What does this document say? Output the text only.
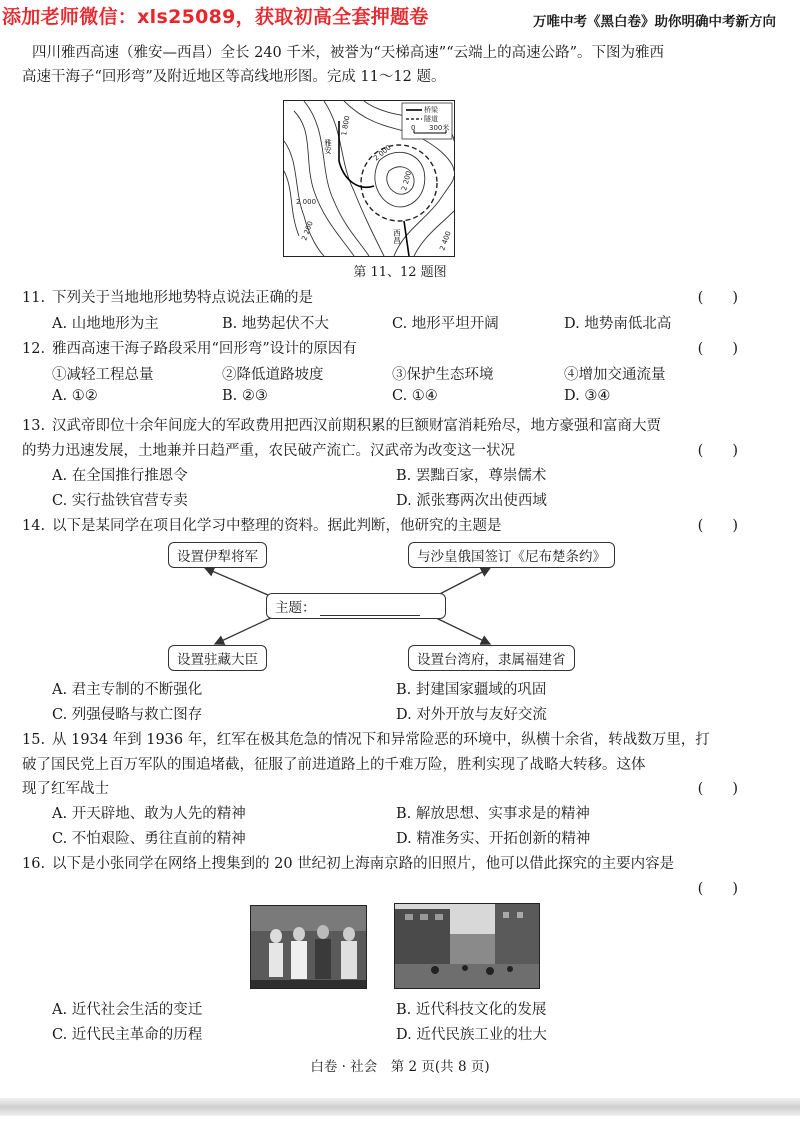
添加老师微信：xls25089，获取初高全套押题卷	万唯中考《黑白卷》助你明确中考新方向
四川雅西高速（雅安—西昌）全长 240 千米，被誉为“天梯高速”“云端上的高速公路”。下图为雅西
高速干海子“回形弯”及附近地区等高线地形图。完成 11～12 题。
桥梁
隧道
0 300米
1 800
2 000
2 200
2 000
2 200	2 400
雅安
西昌
第 11、12 题图
11. 下列关于当地地形地势特点说法正确的是	(　　)
A. 山地地形为主	B. 地势起伏不大	C. 地形平坦开阔	D. 地势南低北高
12. 雅西高速干海子路段采用“回形弯”设计的原因有	(　　)
①减轻工程总量	②降低道路坡度	③保护生态环境	④增加交通流量
A. ①②	B. ②③	C. ①④	D. ③④
13. 汉武帝即位十余年间庞大的军政费用把西汉前期积累的巨额财富消耗殆尽，地方豪强和富商大贾
的势力迅速发展，土地兼并日趋严重，农民破产流亡。汉武帝为改变这一状况	(　　)
A. 在全国推行推恩令	B. 罢黜百家，尊崇儒术
C. 实行盐铁官营专卖	D. 派张骞两次出使西域
14. 以下是某同学在项目化学习中整理的资料。据此判断，他研究的主题是	(　　)
设置伊犁将军	与沙皇俄国签订《尼布楚条约》
主题：
设置驻藏大臣	设置台湾府，隶属福建省
A. 君主专制的不断强化	B. 封建国家疆域的巩固
C. 列强侵略与救亡图存	D. 对外开放与友好交流
15. 从 1934 年到 1936 年，红军在极其危急的情况下和异常险恶的环境中，纵横十余省，转战数万里，打
破了国民党上百万军队的围追堵截，征服了前进道路上的千难万险，胜利实现了战略大转移。这体
现了红军战士	(　　)
A. 开天辟地、敢为人先的精神	B. 解放思想、实事求是的精神
C. 不怕艰险、勇往直前的精神	D. 精准务实、开拓创新的精神
16. 以下是小张同学在网络上搜集到的 20 世纪初上海南京路的旧照片，他可以借此探究的主要内容是
(　　)
A. 近代社会生活的变迁	B. 近代科技文化的发展
C. 近代民主革命的历程	D. 近代民族工业的壮大
白卷 · 社会　第 2 页(共 8 页)
